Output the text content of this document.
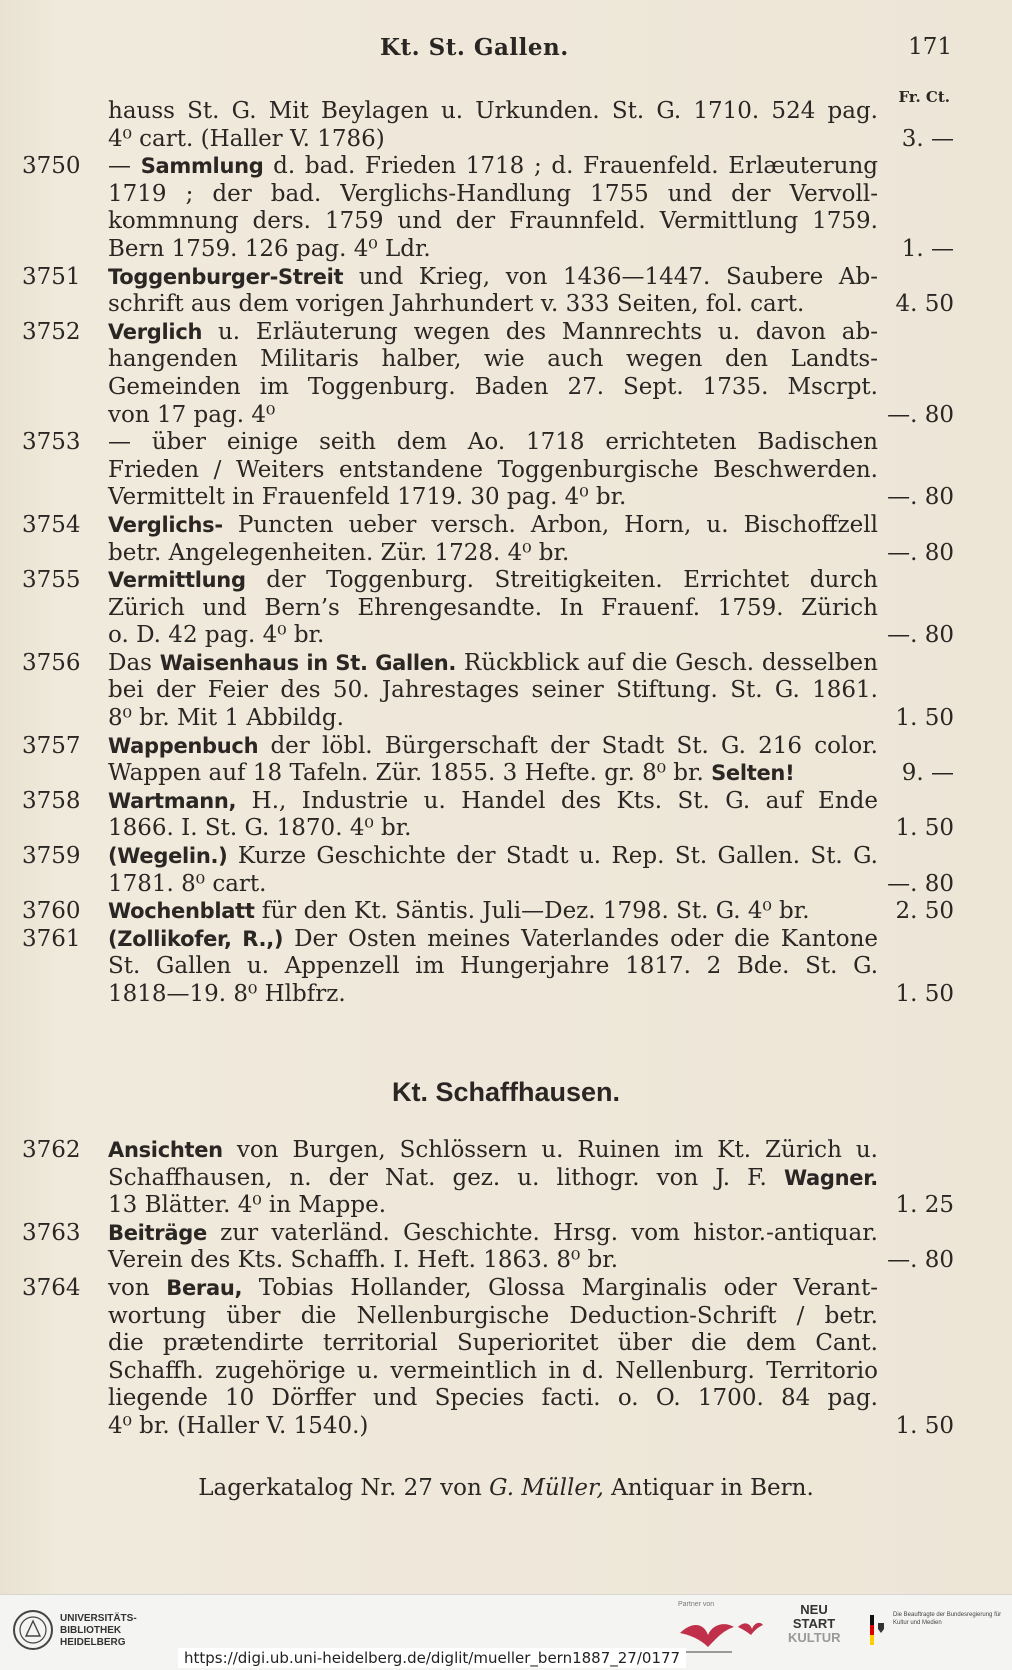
Kt. St. Gallen.	171
Fr. Ct.
hauss St. G. Mit Beylagen u. Urkunden. St. G. 1710. 524 pag.
4⁰ cart. (Haller V. 1786)	3. —
3750	— Sammlung d. bad. Frieden 1718 ; d. Frauenfeld. Erlæuterung
1719 ; der bad. Verglichs-Handlung 1755 und der Vervoll-
kommnung ders. 1759 und der Fraunnfeld. Vermittlung 1759.
Bern 1759. 126 pag. 4⁰ Ldr.	1. —
3751	Toggenburger-Streit und Krieg, von 1436—1447. Saubere Ab-
schrift aus dem vorigen Jahrhundert v. 333 Seiten, fol. cart.	4. 50
3752	Verglich u. Erläuterung wegen des Mannrechts u. davon ab-
hangenden Militaris halber, wie auch wegen den Landts-
Gemeinden im Toggenburg. Baden 27. Sept. 1735. Mscrpt.
von 17 pag. 4⁰	—. 80
3753	— über einige seith dem Ao. 1718 errichteten Badischen
Frieden / Weiters entstandene Toggenburgische Beschwerden.
Vermittelt in Frauenfeld 1719. 30 pag. 4⁰ br.	—. 80
3754	Verglichs- Puncten ueber versch. Arbon, Horn, u. Bischoffzell
betr. Angelegenheiten. Zür. 1728. 4⁰ br.	—. 80
3755	Vermittlung der Toggenburg. Streitigkeiten. Errichtet durch
Zürich und Bern’s Ehrengesandte. In Frauenf. 1759. Zürich
o. D. 42 pag. 4⁰ br.	—. 80
3756	Das Waisenhaus in St. Gallen. Rückblick auf die Gesch. desselben
bei der Feier des 50. Jahrestages seiner Stiftung. St. G. 1861.
8⁰ br. Mit 1 Abbildg.	1. 50
3757	Wappenbuch der löbl. Bürgerschaft der Stadt St. G. 216 color.
Wappen auf 18 Tafeln. Zür. 1855. 3 Hefte. gr. 8⁰ br. Selten!	9. —
3758	Wartmann, H., Industrie u. Handel des Kts. St. G. auf Ende
1866. I. St. G. 1870. 4⁰ br.	1. 50
3759	(Wegelin.) Kurze Geschichte der Stadt u. Rep. St. Gallen. St. G.
1781. 8⁰ cart.	—. 80
3760	Wochenblatt für den Kt. Säntis. Juli—Dez. 1798. St. G. 4⁰ br.	2. 50
3761	(Zollikofer, R.,) Der Osten meines Vaterlandes oder die Kantone
St. Gallen u. Appenzell im Hungerjahre 1817. 2 Bde. St. G.
1818—19. 8⁰ Hlbfrz.	1. 50
Kt. Schaffhausen.
3762	Ansichten von Burgen, Schlössern u. Ruinen im Kt. Zürich u.
Schaffhausen, n. der Nat. gez. u. lithogr. von J. F. Wagner.
13 Blätter. 4⁰ in Mappe.	1. 25
3763	Beiträge zur vaterländ. Geschichte. Hrsg. vom histor.-antiquar.
Verein des Kts. Schaffh. I. Heft. 1863. 8⁰ br.	—. 80
3764	von Berau, Tobias Hollander, Glossa Marginalis oder Verant-
wortung über die Nellenburgische Deduction-Schrift / betr.
die prætendirte territorial Superioritet über die dem Cant.
Schaffh. zugehörige u. vermeintlich in d. Nellenburg. Territorio
liegende 10 Dörffer und Species facti. o. O. 1700. 84 pag.
4⁰ br. (Haller V. 1540.)	1. 50
Lagerkatalog Nr. 27 von G. Müller, Antiquar in Bern.
UNIVERSITÄTS-
BIBLIOTHEK
HEIDELBERG
Partner von	NEU
START
KULTUR
Die Beauftragte der Bundesregierung für Kultur und Medien
https://digi.ub.uni-heidelberg.de/diglit/mueller_bern1887_27/0177
